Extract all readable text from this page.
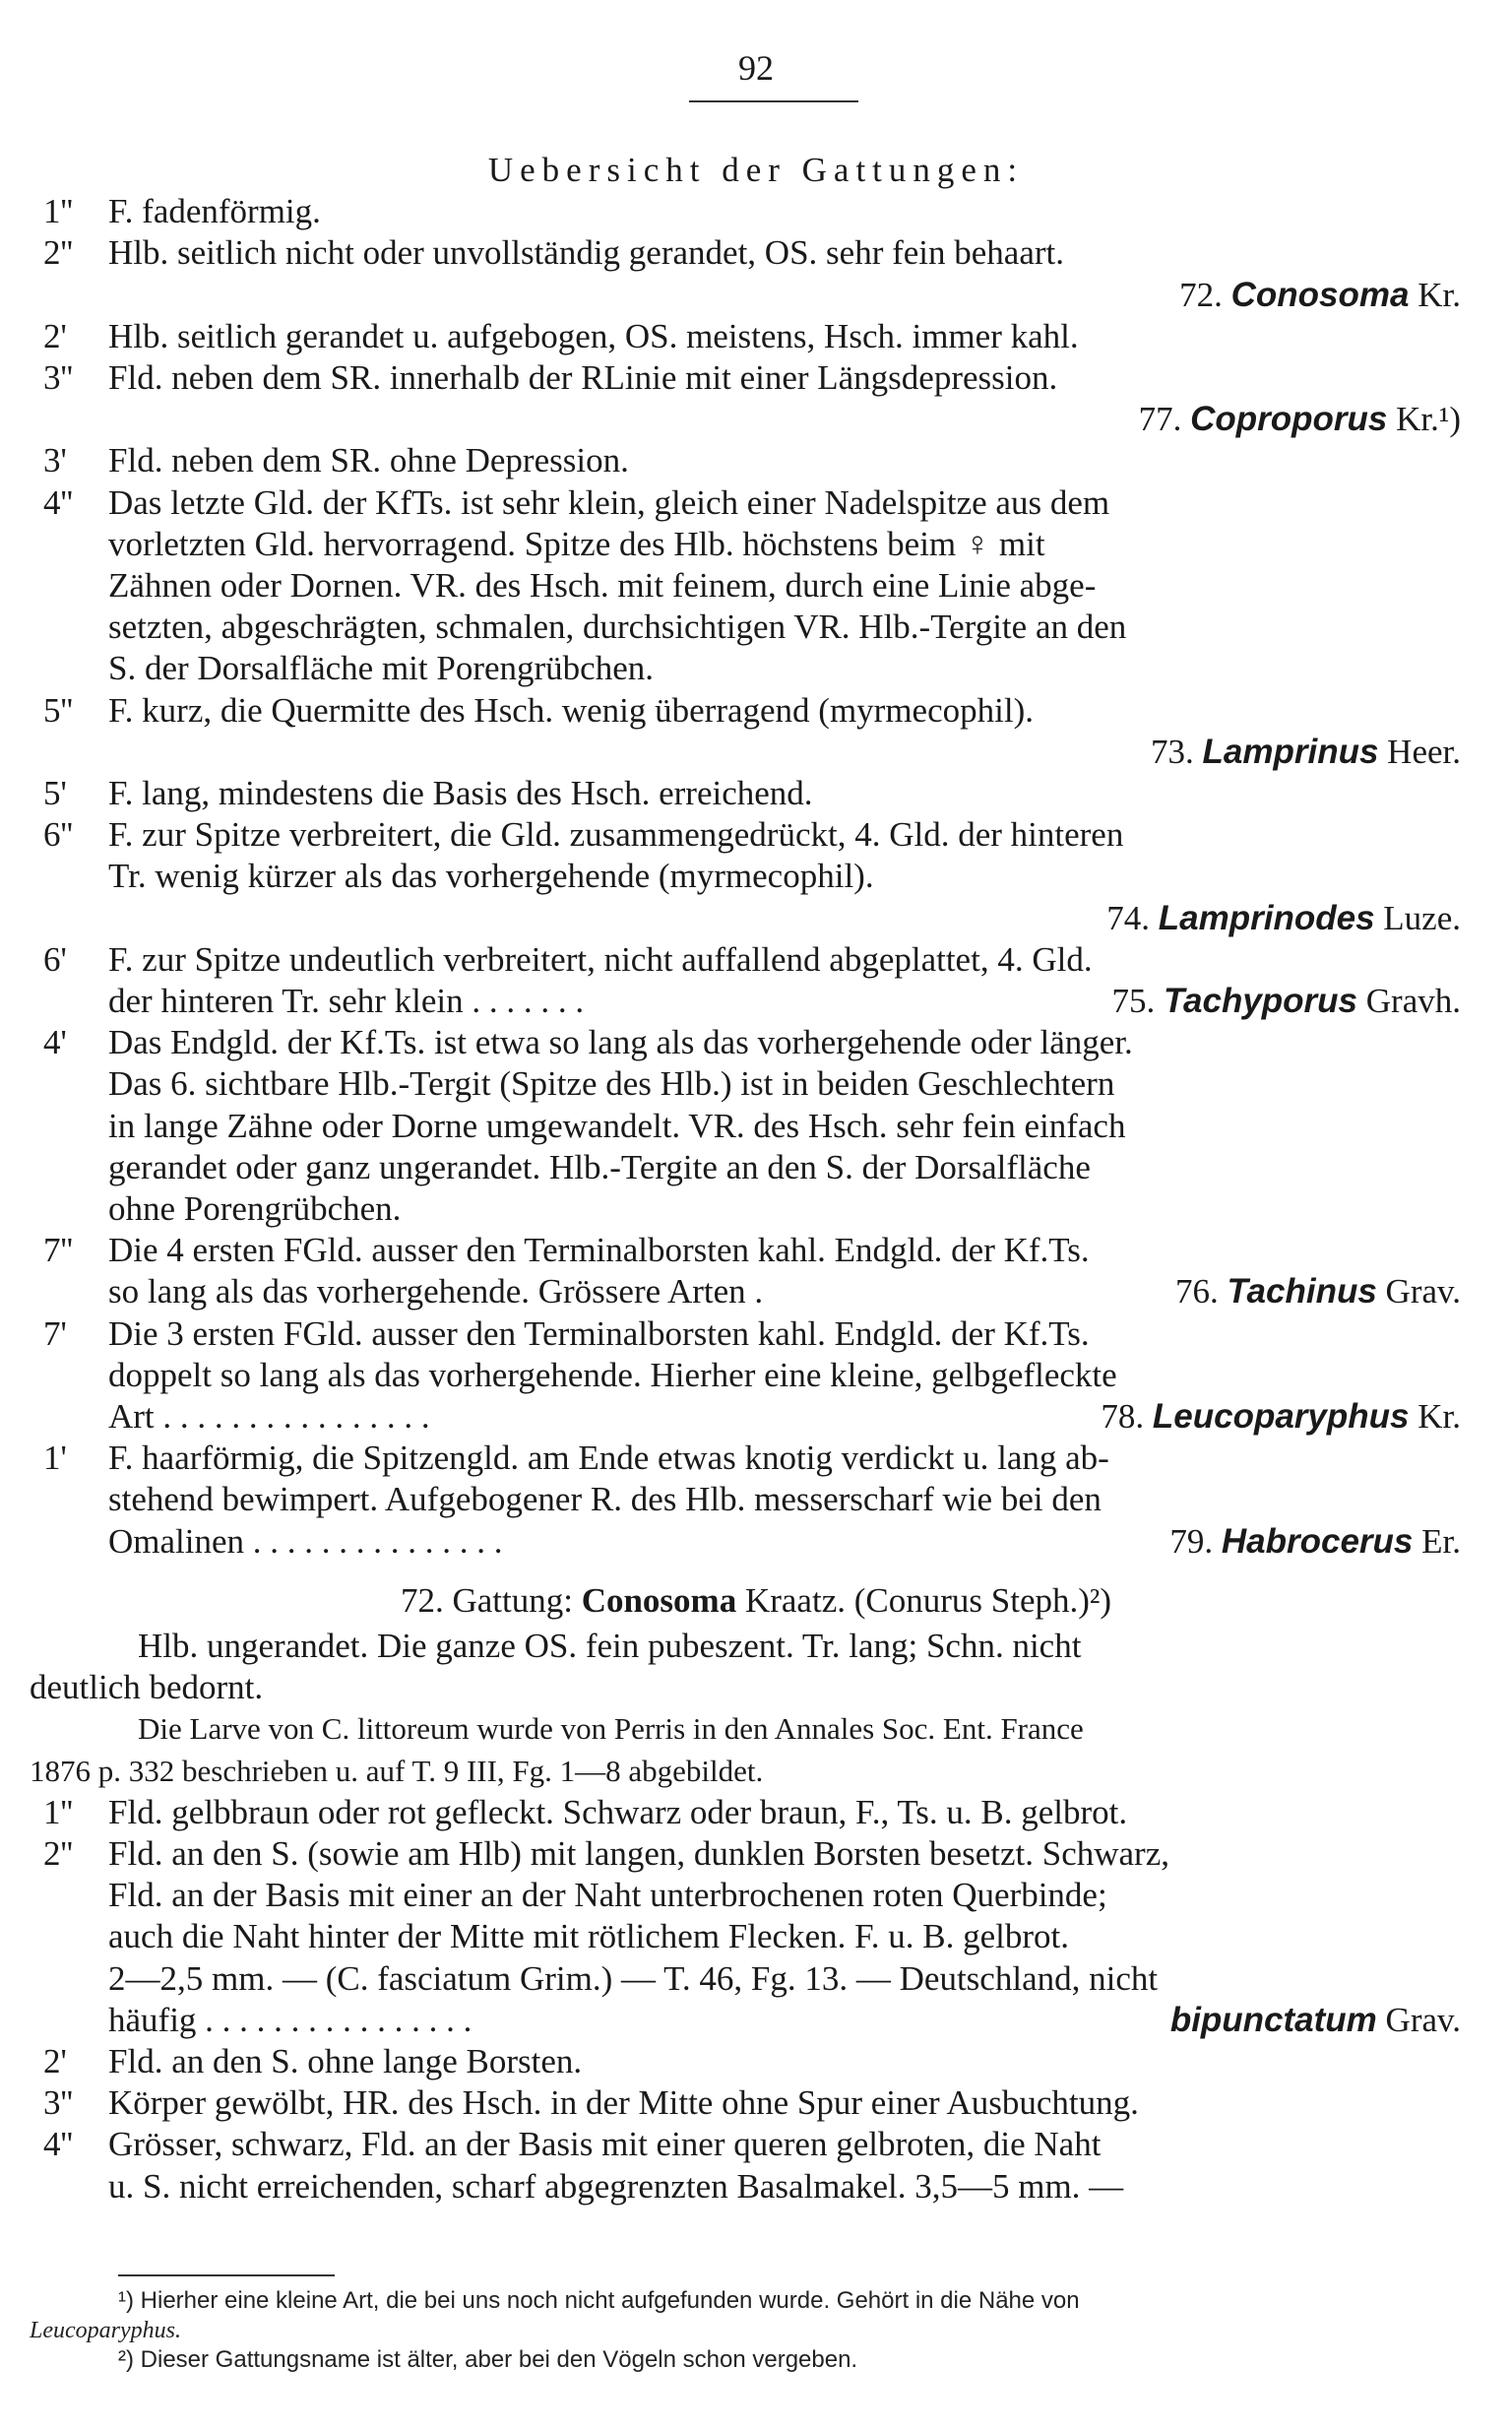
92
Uebersicht der Gattungen:
1'' F. fadenförmig.
2'' Hlb. seitlich nicht oder unvollständig gerandet, OS. sehr fein behaart.
72. Conosoma Kr.
2' Hlb. seitlich gerandet u. aufgebogen, OS. meistens, Hsch. immer kahl.
3'' Fld. neben dem SR. innerhalb der RLinie mit einer Längsdepression.
77. Coproporus Kr.¹)
3' Fld. neben dem SR. ohne Depression.
4'' Das letzte Gld. der KfTs. ist sehr klein, gleich einer Nadelspitze aus dem
vorletzten Gld. hervorragend. Spitze des Hlb. höchstens beim ♀ mit
Zähnen oder Dornen. VR. des Hsch. mit feinem, durch eine Linie abge-
setzten, abgeschrägten, schmalen, durchsichtigen VR. Hlb.-Tergite an den
S. der Dorsalfläche mit Porengrübchen.
5'' F. kurz, die Quermitte des Hsch. wenig überragend (myrmecophil).
73. Lamprinus Heer.
5' F. lang, mindestens die Basis des Hsch. erreichend.
6'' F. zur Spitze verbreitert, die Gld. zusammengedrückt, 4. Gld. der hinteren
Tr. wenig kürzer als das vorhergehende (myrmecophil).
74. Lamprinodes Luze.
6' F. zur Spitze undeutlich verbreitert, nicht auffallend abgeplattet, 4. Gld.
der hinteren Tr. sehr klein . . . . . . .	75. Tachyporus Gravh.
4' Das Endgld. der Kf.Ts. ist etwa so lang als das vorhergehende oder länger.
Das 6. sichtbare Hlb.-Tergit (Spitze des Hlb.) ist in beiden Geschlechtern
in lange Zähne oder Dorne umgewandelt. VR. des Hsch. sehr fein einfach
gerandet oder ganz ungerandet. Hlb.-Tergite an den S. der Dorsalfläche
ohne Porengrübchen.
7'' Die 4 ersten FGld. ausser den Terminalborsten kahl. Endgld. der Kf.Ts.
so lang als das vorhergehende. Grössere Arten .	76. Tachinus Grav.
7' Die 3 ersten FGld. ausser den Terminalborsten kahl. Endgld. der Kf.Ts.
doppelt so lang als das vorhergehende. Hierher eine kleine, gelbgefleckte
Art . . . . . . . . . . . . . . . .	78. Leucoparyphus Kr.
1' F. haarförmig, die Spitzengld. am Ende etwas knotig verdickt u. lang ab-
stehend bewimpert. Aufgebogener R. des Hlb. messerscharf wie bei den
Omalinen . . . . . . . . . . . . . . .	79. Habrocerus Er.
72. Gattung: Conosoma Kraatz. (Conurus Steph.)²)
Hlb. ungerandet. Die ganze OS. fein pubeszent. Tr. lang; Schn. nicht
deutlich bedornt.
Die Larve von C. littoreum wurde von Perris in den Annales Soc. Ent. France
1876 p. 332 beschrieben u. auf T. 9 III, Fg. 1—8 abgebildet.
1'' Fld. gelbbraun oder rot gefleckt. Schwarz oder braun, F., Ts. u. B. gelbrot.
2'' Fld. an den S. (sowie am Hlb) mit langen, dunklen Borsten besetzt. Schwarz,
Fld. an der Basis mit einer an der Naht unterbrochenen roten Querbinde;
auch die Naht hinter der Mitte mit rötlichem Flecken. F. u. B. gelbrot.
2—2,5 mm. — (C. fasciatum Grim.) — T. 46, Fg. 13. — Deutschland, nicht
häufig . . . . . . . . . . . . . . . .	bipunctatum Grav.
2' Fld. an den S. ohne lange Borsten.
3'' Körper gewölbt, HR. des Hsch. in der Mitte ohne Spur einer Ausbuchtung.
4'' Grösser, schwarz, Fld. an der Basis mit einer queren gelbroten, die Naht
u. S. nicht erreichenden, scharf abgegrenzten Basalmakel. 3,5—5 mm. —
¹) Hierher eine kleine Art, die bei uns noch nicht aufgefunden wurde. Gehört in die Nähe von
Leucoparyphus.
²) Dieser Gattungsname ist älter, aber bei den Vögeln schon vergeben.
